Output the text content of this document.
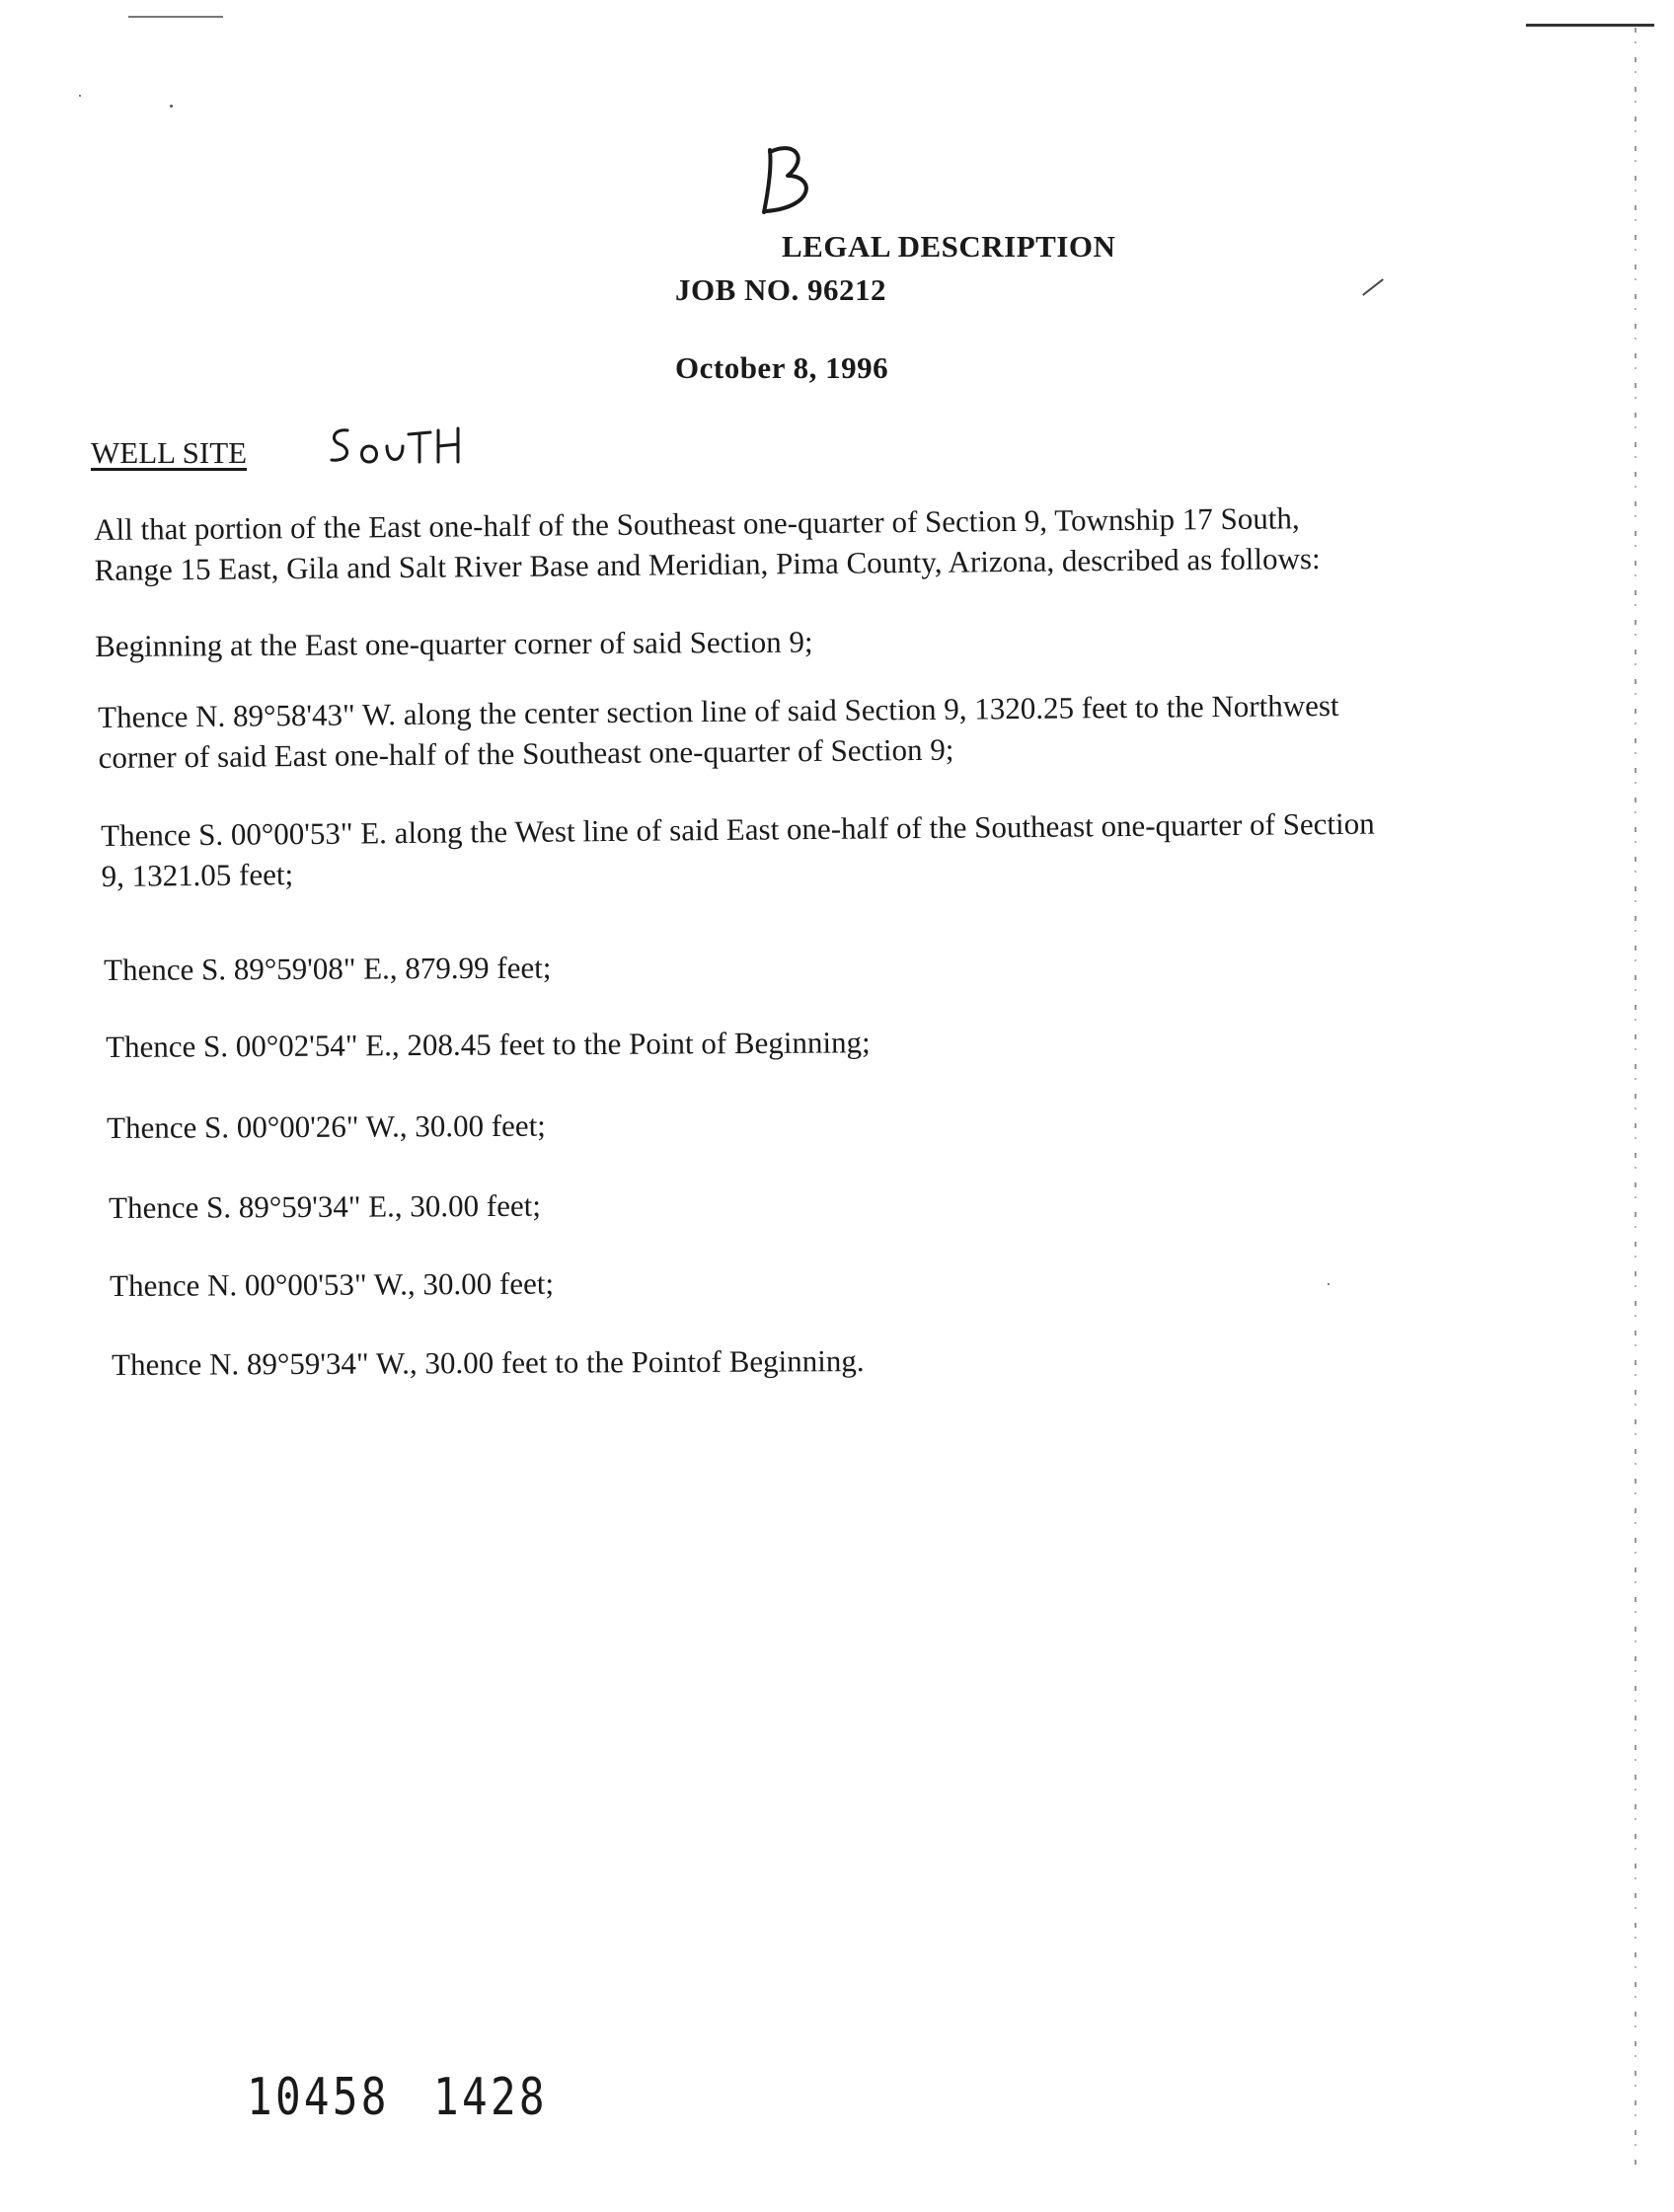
LEGAL DESCRIPTION
JOB NO. 96212
October 8, 1996
WELL SITE
All that portion of the East one-half of the Southeast one-quarter of Section 9, Township 17 South,
Range 15 East, Gila and Salt River Base and Meridian, Pima County, Arizona, described as follows:
Beginning at the East one-quarter corner of said Section 9;
Thence N. 89°58'43" W. along the center section line of said Section 9, 1320.25 feet to the Northwest
corner of said East one-half of the Southeast one-quarter of Section 9;
Thence S. 00°00'53" E. along the West line of said East one-half of the Southeast one-quarter of Section
9, 1321.05 feet;
Thence S. 89°59'08" E., 879.99 feet;
Thence S. 00°02'54" E., 208.45 feet to the Point of Beginning;
Thence S. 00°00'26" W., 30.00 feet;
Thence S. 89°59'34" E., 30.00 feet;
Thence N. 00°00'53" W., 30.00 feet;
Thence N. 89°59'34" W., 30.00 feet to the Pointof Beginning.
10458 1428
